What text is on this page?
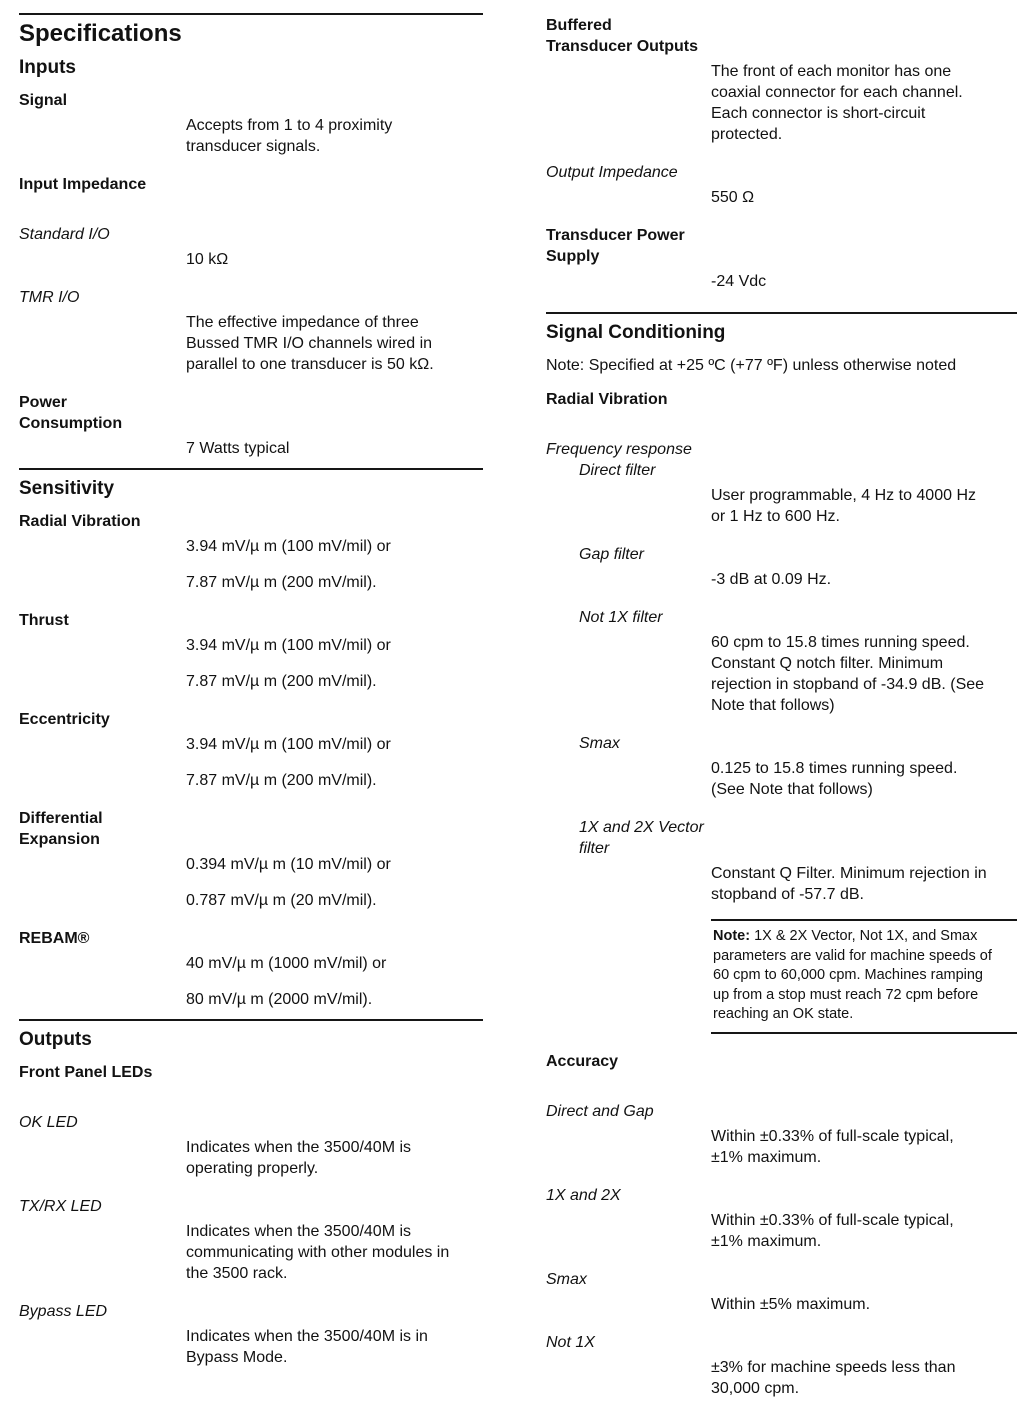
Specifications
Inputs
Signal
Accepts from 1 to 4 proximity
transducer signals.
Input Impedance
Standard I/O
10 kΩ
TMR I/O
The effective impedance of three
Bussed TMR I/O channels wired in
parallel to one transducer is 50 kΩ.
Power
Consumption
7 Watts typical
Sensitivity
Radial Vibration
3.94 mV/µ m (100 mV/mil) or
7.87 mV/µ m (200 mV/mil).
Thrust
3.94 mV/µ m (100 mV/mil) or
7.87 mV/µ m (200 mV/mil).
Eccentricity
3.94 mV/µ m (100 mV/mil) or
7.87 mV/µ m (200 mV/mil).
Differential
Expansion
0.394 mV/µ m (10 mV/mil) or
0.787 mV/µ m (20 mV/mil).
REBAM®
40 mV/µ m (1000 mV/mil) or
80 mV/µ m (2000 mV/mil).
Outputs
Front Panel LEDs
OK LED
Indicates when the 3500/40M is
operating properly.
TX/RX LED
Indicates when the 3500/40M is
communicating with other modules in
the 3500 rack.
Bypass LED
Indicates when the 3500/40M is in
Bypass Mode.
Buffered
Transducer Outputs
The front of each monitor has one
coaxial connector for each channel.
Each connector is short-circuit
protected.
Output Impedance
550 Ω
Transducer Power
Supply
-24 Vdc
Signal Conditioning
Note: Specified at +25 ºC (+77 ºF) unless otherwise noted
Radial Vibration
Frequency response
Direct filter
User programmable, 4 Hz to 4000 Hz
or 1 Hz to 600 Hz.
Gap filter
-3 dB at 0.09 Hz.
Not 1X filter
60 cpm to 15.8 times running speed.
Constant Q notch filter. Minimum
rejection in stopband of -34.9 dB. (See
Note that follows)
Smax
0.125 to 15.8 times running speed.
(See Note that follows)
1X and 2X Vector
filter
Constant Q Filter. Minimum rejection in
stopband of -57.7 dB.
Note: 1X & 2X Vector, Not 1X, and Smax
parameters are valid for machine speeds of
60 cpm to 60,000 cpm. Machines ramping
up from a stop must reach 72 cpm before
reaching an OK state.
Accuracy
Direct and Gap
Within ±0.33% of full-scale typical,
±1% maximum.
1X and 2X
Within ±0.33% of full-scale typical,
±1% maximum.
Smax
Within ±5% maximum.
Not 1X
±3% for machine speeds less than
30,000 cpm.
